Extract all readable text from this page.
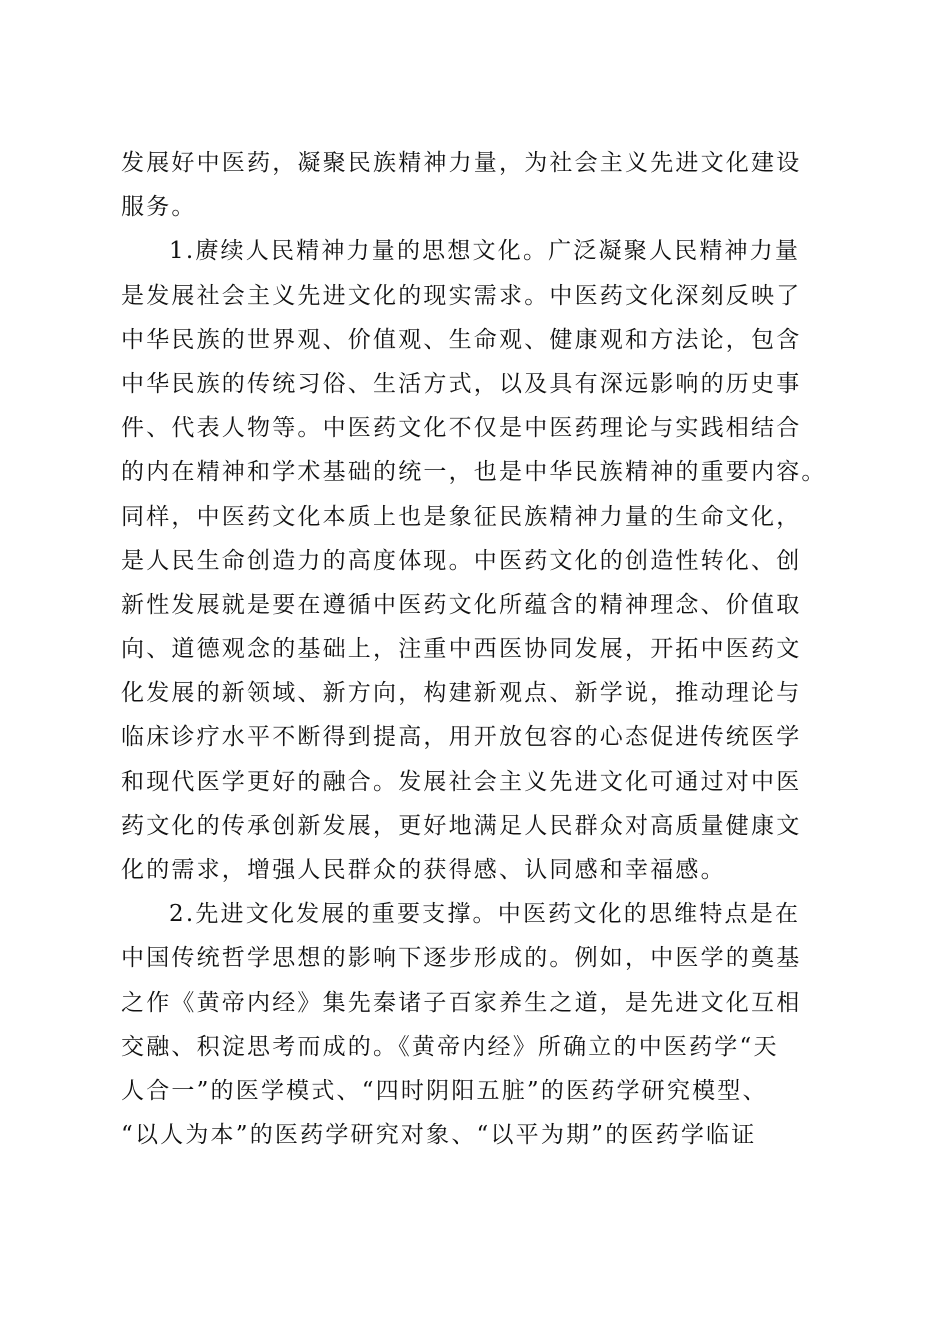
发展好中医药，凝聚民族精神力量，为社会主义先进文化建设
服务。
1.赓续人民精神力量的思想文化。广泛凝聚人民精神力量
是发展社会主义先进文化的现实需求。中医药文化深刻反映了
中华民族的世界观、价值观、生命观、健康观和方法论，包含
中华民族的传统习俗、生活方式，以及具有深远影响的历史事
件、代表人物等。中医药文化不仅是中医药理论与实践相结合
的内在精神和学术基础的统一，也是中华民族精神的重要内容。
同样，中医药文化本质上也是象征民族精神力量的生命文化，
是人民生命创造力的高度体现。中医药文化的创造性转化、创
新性发展就是要在遵循中医药文化所蕴含的精神理念、价值取
向、道德观念的基础上，注重中西医协同发展，开拓中医药文
化发展的新领域、新方向，构建新观点、新学说，推动理论与
临床诊疗水平不断得到提高，用开放包容的心态促进传统医学
和现代医学更好的融合。发展社会主义先进文化可通过对中医
药文化的传承创新发展，更好地满足人民群众对高质量健康文
化的需求，增强人民群众的获得感、认同感和幸福感。
2.先进文化发展的重要支撑。中医药文化的思维特点是在
中国传统哲学思想的影响下逐步形成的。例如，中医学的奠基
之作《黄帝内经》集先秦诸子百家养生之道，是先进文化互相
交融、积淀思考而成的。《黄帝内经》所确立的中医药学“天
人合一”的医学模式、“四时阴阳五脏”的医药学研究模型、
“以人为本”的医药学研究对象、“以平为期”的医药学临证
